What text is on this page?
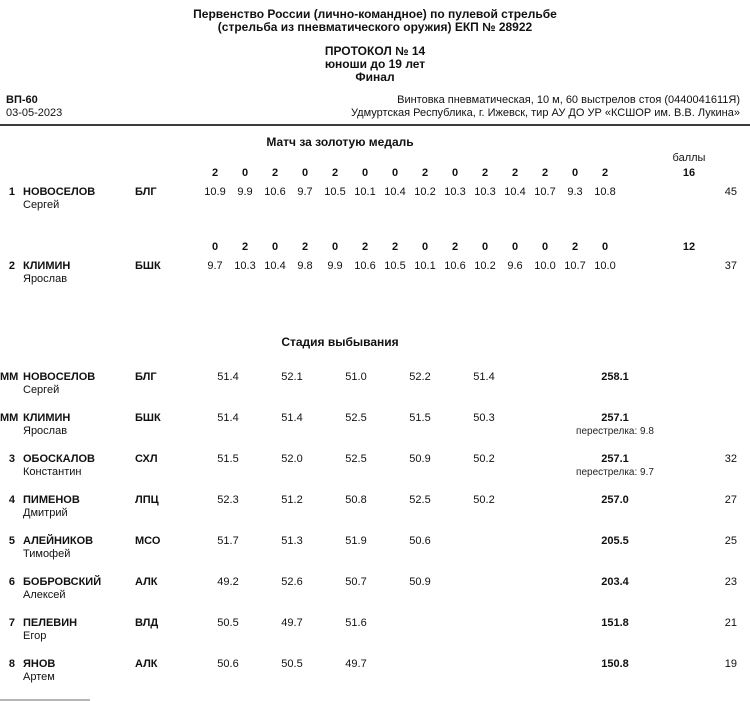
Первенство России (лично-командное) по пулевой стрельбе
(стрельба из пневматического оружия) ЕКП № 28922
ПРОТОКОЛ № 14
юноши до 19 лет
Финал
ВП-60
03-05-2023
Винтовка пневматическая, 10 м, 60 выстрелов стоя (0440041611Я)
Удмуртская Республика, г. Ижевск, тир АУ ДО УР «КСШОР им. В.В. Лукина»
Матч за золотую медаль
баллы
2	0	2	0	2	0	0	2	0	2	2	2	0	2	16
1 НОВОСЕЛОВ	БЛГ	10.9	9.9	10.6	9.7	10.5 10.1 10.4 10.2 10.3 10.3 10.4 10.7	9.3	10.8	45
Сергей
0	2	0	2	0	2	2	0	2	0	0	0	2	0	12
2 КЛИМИН	БШК	9.7	10.3 10.4	9.8	9.9	10.6 10.5 10.1 10.6 10.2	9.6	10.0 10.7 10.0	37
Ярослав
Стадия выбывания
ММ НОВОСЕЛОВ	БЛГ	51.4	52.1	51.0	52.2	51.4	258.1
Сергей
ММ КЛИМИН	БШК	51.4	51.4	52.5	51.5	50.3	257.1
Ярослав	перестрелка: 9.8
3 ОБОСКАЛОВ	СХЛ	51.5	52.0	52.5	50.9	50.2	257.1	32
Константин	перестрелка: 9.7
4 ПИМЕНОВ	ЛПЦ	52.3	51.2	50.8	52.5	50.2	257.0	27
Дмитрий
5 АЛЕЙНИКОВ	МСО	51.7	51.3	51.9	50.6	205.5	25
Тимофей
6 БОБРОВСКИЙ	АЛК	49.2	52.6	50.7	50.9	203.4	23
Алексей
7 ПЕЛЕВИН	ВЛД	50.5	49.7	51.6	151.8	21
Егор
8 ЯНОВ	АЛК	50.6	50.5	49.7	150.8	19
Артем
